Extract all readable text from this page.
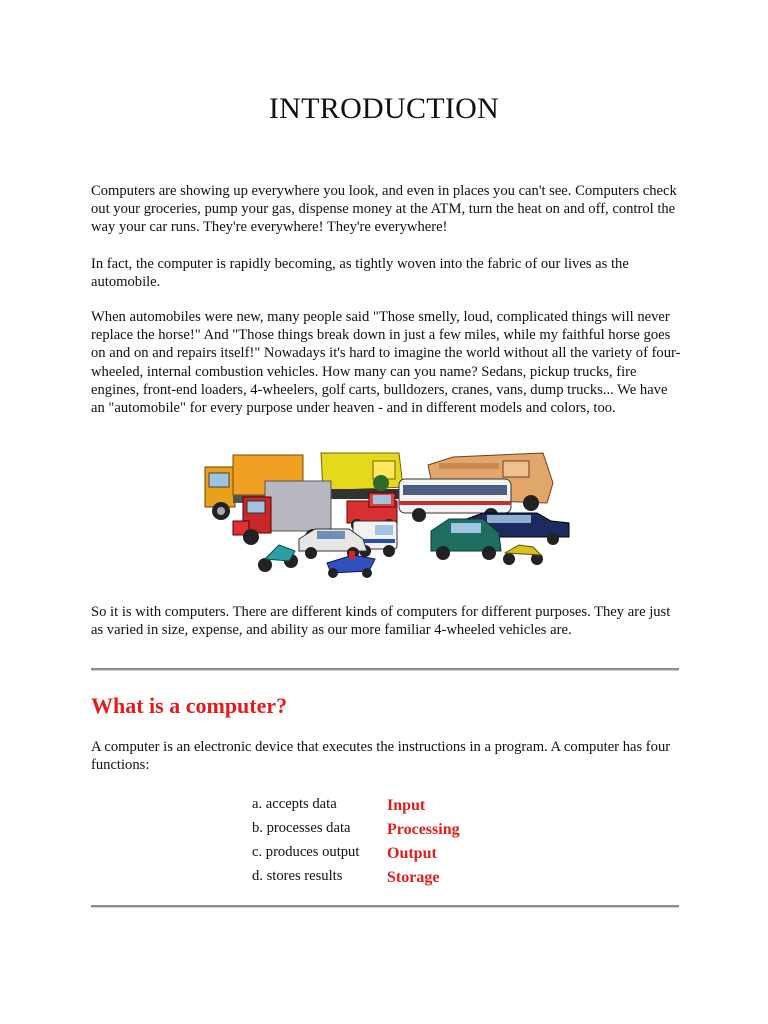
INTRODUCTION

Computers are showing up everywhere you look, and even in places you can't see. Computers check out your groceries, pump your gas, dispense money at the ATM, turn the heat on and off, control the way your car runs. They're everywhere! They're everywhere!

In fact, the computer is rapidly becoming, as tightly woven into the fabric of our lives as the automobile.

When automobiles were new, many people said "Those smelly, loud, complicated things will never replace the horse!" And "Those things break down in just a few miles, while my faithful horse goes on and on and repairs itself!" Nowadays it's hard to imagine the world without all the variety of four-wheeled, internal combustion vehicles. How many can you name? Sedans, pickup trucks, fire engines, front-end loaders, 4-wheelers, golf carts, bulldozers, cranes, vans, dump trucks... We have an "automobile" for every purpose under heaven - and in different models and colors, too.

So it is with computers. There are different kinds of computers for different purposes. They are just as varied in size, expense, and ability as our more familiar 4-wheeled vehicles are.

What is a computer?

A computer is an electronic device that executes the instructions in a program. A computer has four functions:

a. accepts data	Input
b. processes data Processing
c. produces output Output
d. stores results	Storage
